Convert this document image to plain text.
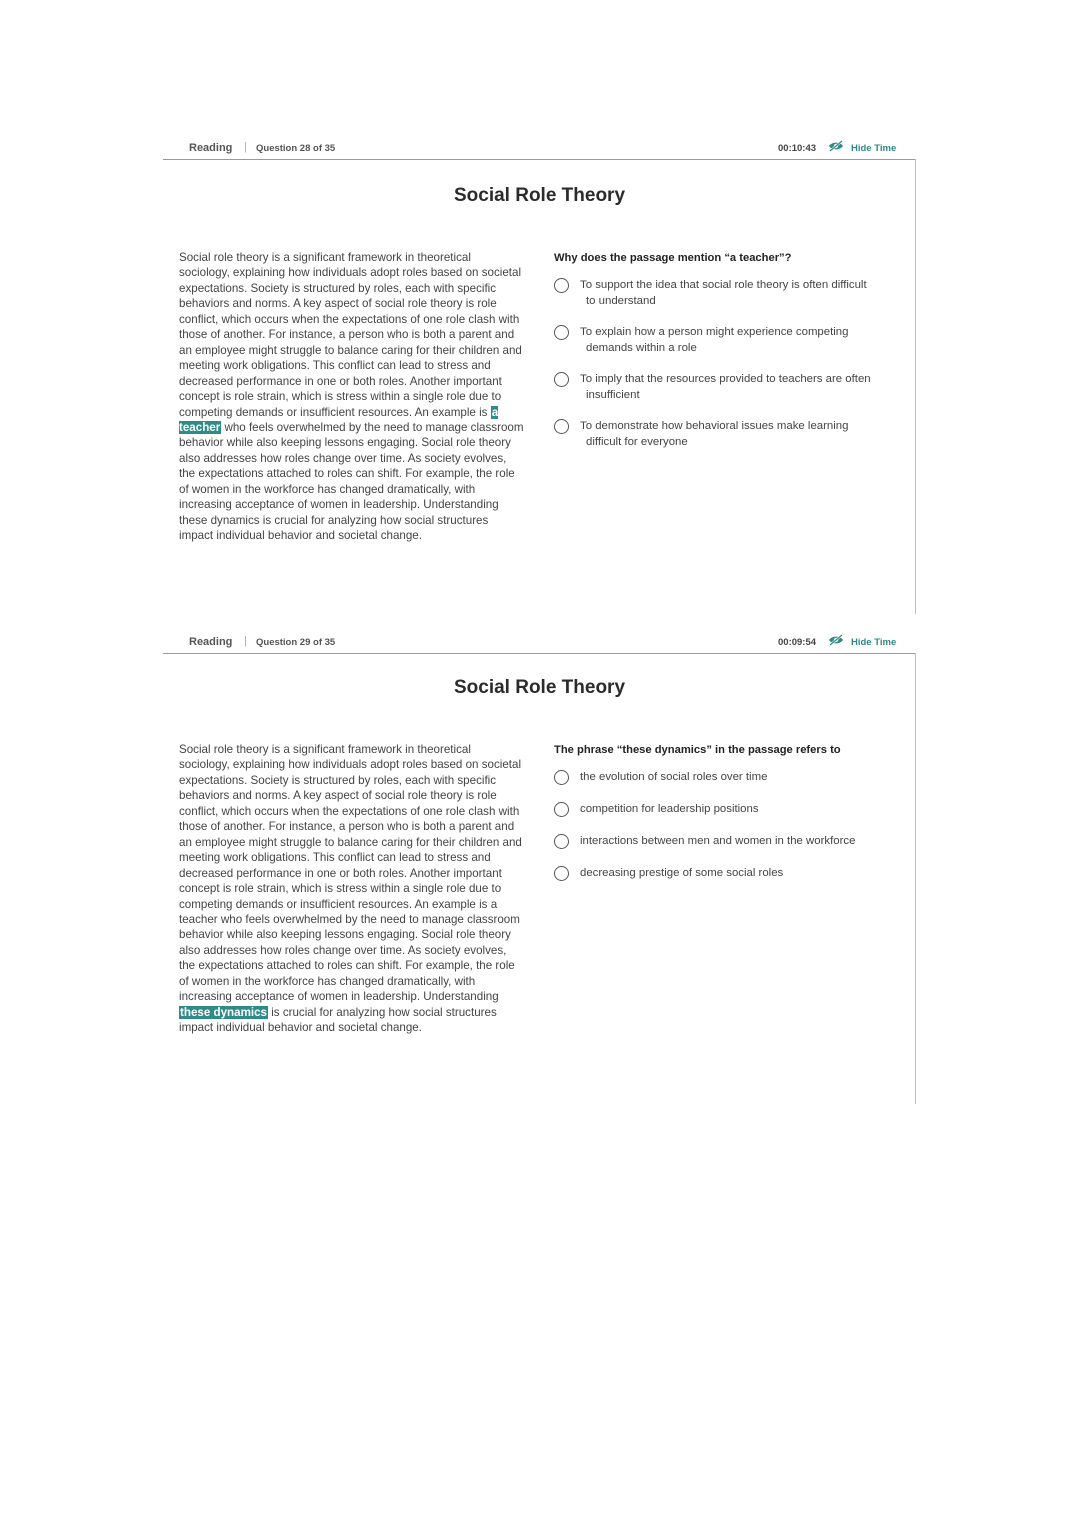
Reading | Question 28 of 35	00:10:43	Hide Time
Social Role Theory
Social role theory is a significant framework in theoretical sociology, explaining how individuals adopt roles based on societal expectations. Society is structured by roles, each with specific behaviors and norms. A key aspect of social role theory is role conflict, which occurs when the expectations of one role clash with those of another. For instance, a person who is both a parent and an employee might struggle to balance caring for their children and meeting work obligations. This conflict can lead to stress and decreased performance in one or both roles. Another important concept is role strain, which is stress within a single role due to competing demands or insufficient resources. An example is a teacher who feels overwhelmed by the need to manage classroom behavior while also keeping lessons engaging. Social role theory also addresses how roles change over time. As society evolves, the expectations attached to roles can shift. For example, the role of women in the workforce has changed dramatically, with increasing acceptance of women in leadership. Understanding these dynamics is crucial for analyzing how social structures impact individual behavior and societal change.
Why does the passage mention “a teacher”?
To support the idea that social role theory is often difficult
to understand
To explain how a person might experience competing
demands within a role
To imply that the resources provided to teachers are often
insufficient
To demonstrate how behavioral issues make learning
difficult for everyone
Reading | Question 29 of 35	00:09:54	Hide Time
Social Role Theory
Social role theory is a significant framework in theoretical sociology, explaining how individuals adopt roles based on societal expectations. Society is structured by roles, each with specific behaviors and norms. A key aspect of social role theory is role conflict, which occurs when the expectations of one role clash with those of another. For instance, a person who is both a parent and an employee might struggle to balance caring for their children and meeting work obligations. This conflict can lead to stress and decreased performance in one or both roles. Another important concept is role strain, which is stress within a single role due to competing demands or insufficient resources. An example is a teacher who feels overwhelmed by the need to manage classroom behavior while also keeping lessons engaging. Social role theory also addresses how roles change over time. As society evolves, the expectations attached to roles can shift. For example, the role of women in the workforce has changed dramatically, with increasing acceptance of women in leadership. Understanding these dynamics is crucial for analyzing how social structures impact individual behavior and societal change.
The phrase “these dynamics” in the passage refers to
the evolution of social roles over time
competition for leadership positions
interactions between men and women in the workforce
decreasing prestige of some social roles
